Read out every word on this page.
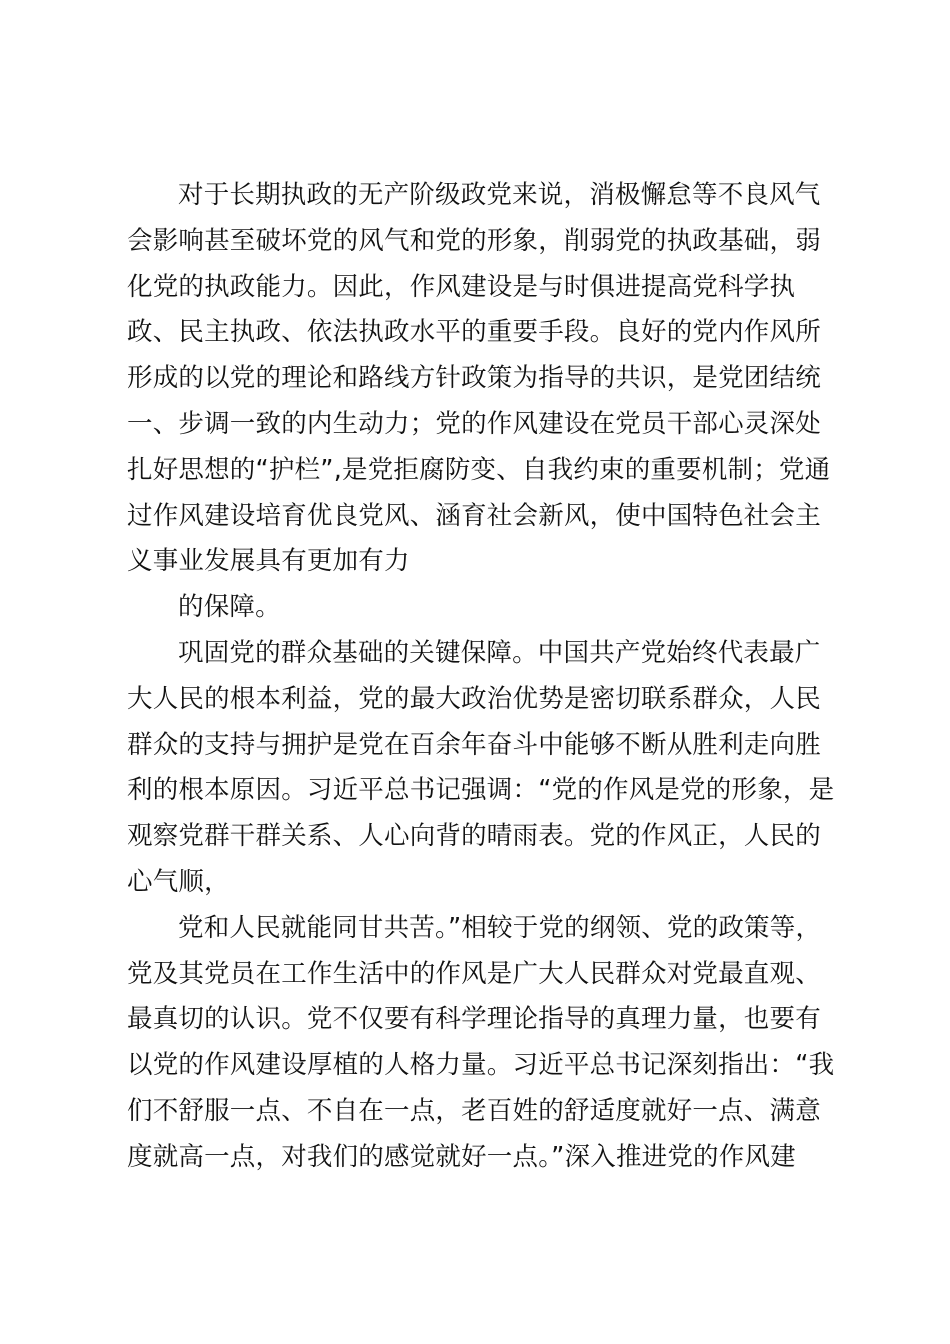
对于长期执政的无产阶级政党来说，消极懈怠等不良风气
会影响甚至破坏党的风气和党的形象，削弱党的执政基础，弱
化党的执政能力。因此，作风建设是与时俱进提高党科学执
政、民主执政、依法执政水平的重要手段。良好的党内作风所
形成的以党的理论和路线方针政策为指导的共识，是党团结统
一、步调一致的内生动力；党的作风建设在党员干部心灵深处
扎好思想的“护栏”,是党拒腐防变、自我约束的重要机制；党通
过作风建设培育优良党风、涵育社会新风，使中国特色社会主
义事业发展具有更加有力
的保障。
巩固党的群众基础的关键保障。中国共产党始终代表最广
大人民的根本利益，党的最大政治优势是密切联系群众，人民
群众的支持与拥护是党在百余年奋斗中能够不断从胜利走向胜
利的根本原因。习近平总书记强调：“党的作风是党的形象，是
观察党群干群关系、人心向背的晴雨表。党的作风正，人民的
心气顺，
党和人民就能同甘共苦。”相较于党的纲领、党的政策等，
党及其党员在工作生活中的作风是广大人民群众对党最直观、
最真切的认识。党不仅要有科学理论指导的真理力量，也要有
以党的作风建设厚植的人格力量。习近平总书记深刻指出：“我
们不舒服一点、不自在一点，老百姓的舒适度就好一点、满意
度就高一点，对我们的感觉就好一点。”深入推进党的作风建
